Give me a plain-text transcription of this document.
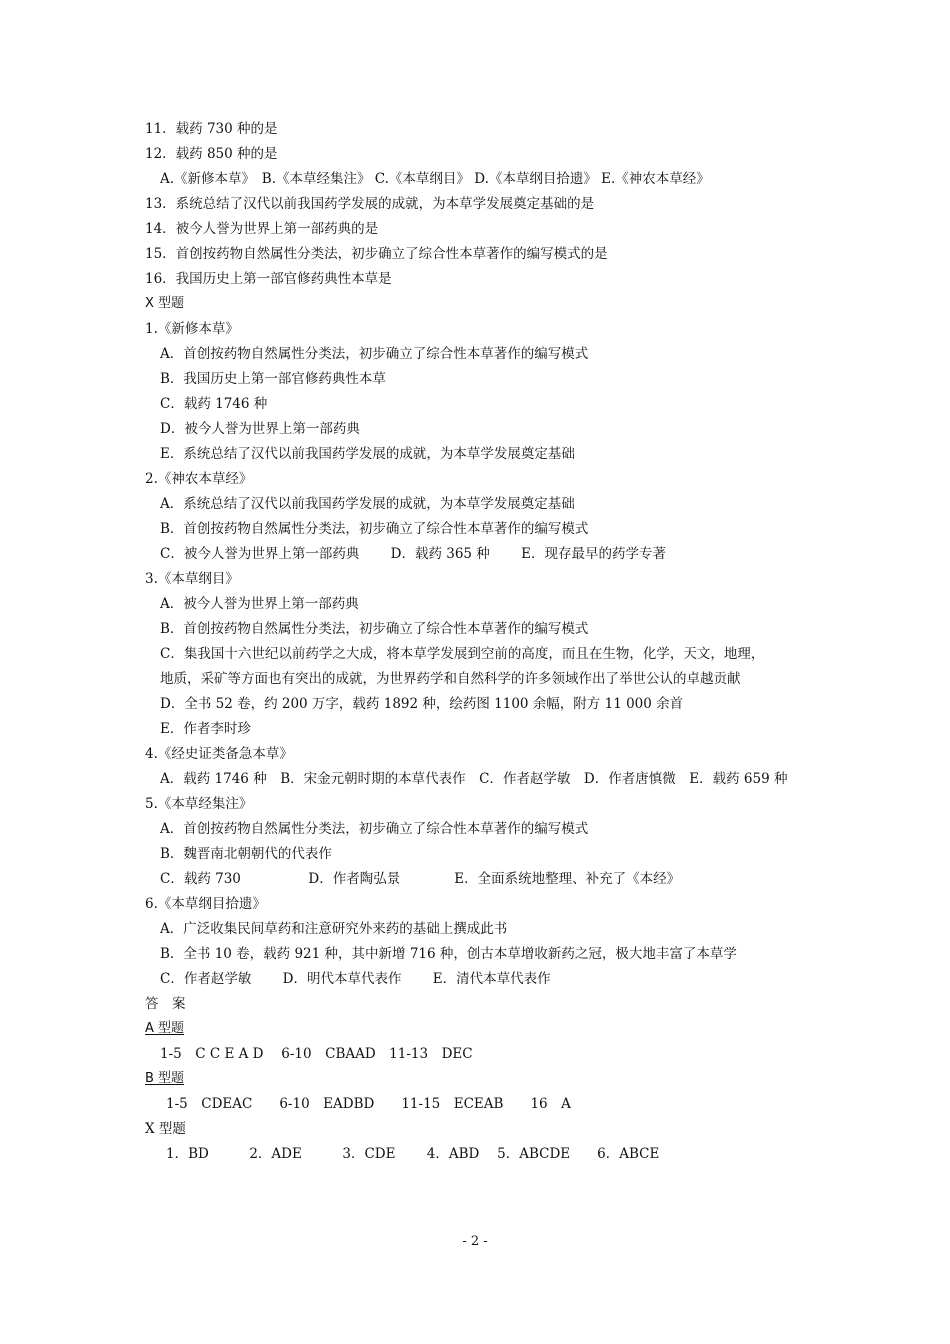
11．载药 730 种的是
12．载药 850 种的是
A.《新修本草》　B.《本草经集注》 C.《本草纲目》 D.《本草纲目拾遗》 E.《神农本草经》
13．系统总结了汉代以前我国药学发展的成就，为本草学发展奠定基础的是
14．被今人誉为世界上第一部药典的是
15．首创按药物自然属性分类法，初步确立了综合性本草著作的编写模式的是
16．我国历史上第一部官修药典性本草是
X 型题
1.《新修本草》
A．首创按药物自然属性分类法，初步确立了综合性本草著作的编写模式
B．我国历史上第一部官修药典性本草
C．载药 1746 种
D．被今人誉为世界上第一部药典
E．系统总结了汉代以前我国药学发展的成就，为本草学发展奠定基础
2.《神农本草经》
A．系统总结了汉代以前我国药学发展的成就，为本草学发展奠定基础
B．首创按药物自然属性分类法，初步确立了综合性本草著作的编写模式
C．被今人誉为世界上第一部药典　　 D．载药 365 种　　 E．现存最早的药学专著
3.《本草纲目》
A．被今人誉为世界上第一部药典
B．首创按药物自然属性分类法，初步确立了综合性本草著作的编写模式
C．集我国十六世纪以前药学之大成，将本草学发展到空前的高度，而且在生物，化学，天文，地理，
地质，采矿等方面也有突出的成就，为世界药学和自然科学的许多领域作出了举世公认的卓越贡献
D．全书 52 卷，约 200 万字，载药 1892 种，绘药图 1100 余幅，附方 11 000 余首
E．作者李时珍
4.《经史证类备急本草》
A．载药 1746 种　B．宋金元朝时期的本草代表作　C．作者赵学敏　D．作者唐慎微　E．载药 659 种
5.《本草经集注》
A．首创按药物自然属性分类法，初步确立了综合性本草著作的编写模式
B．魏晋南北朝朝代的代表作
C．载药 730　　　　　D．作者陶弘景　　　　E．全面系统地整理、补充了《本经》
6.《本草纲目拾遗》
A．广泛收集民间草药和注意研究外来药的基础上撰成此书
B．全书 10 卷，载药 921 种，其中新增 716 种，创古本草增收新药之冠，极大地丰富了本草学
C．作者赵学敏　　 D．明代本草代表作　　 E．清代本草代表作
答　案
A 型题
1-5　C C E A D　 6-10　CBAAD　11-13　DEC
B 型题
1-5　CDEAC　　6-10　EADBD　　11-15　ECEAB　　16　A
X 型题
1．BD　　　2．ADE　　　3．CDE　　 4．ABD　 5．ABCDE　　6．ABCE
- 2 -
